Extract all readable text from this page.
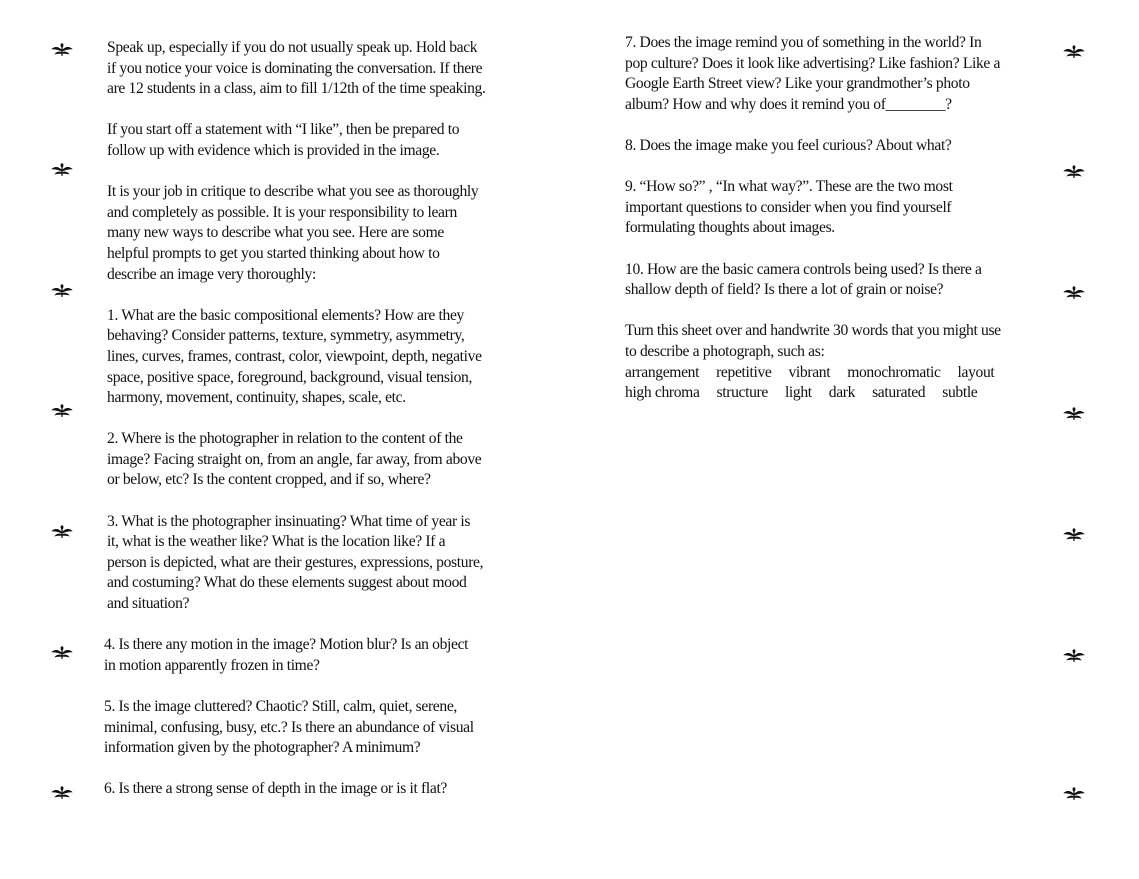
Speak up, especially if you do not usually speak up. Hold back

if you notice your voice is dominating the conversation. If there

are 12 students in a class, aim to fill 1/12th of the time speaking.

If you start off a statement with “I like”, then be prepared to

follow up with evidence which is provided in the image.

It is your job in critique to describe what you see as thoroughly

and completely as possible. It is your responsibility to learn

many new ways to describe what you see. Here are some

helpful prompts to get you started thinking about how to

describe an image very thoroughly:

1. What are the basic compositional elements? How are they

behaving? Consider patterns, texture, symmetry, asymmetry,

lines, curves, frames, contrast, color, viewpoint, depth, negative

space, positive space, foreground, background, visual tension,

harmony, movement, continuity, shapes, scale, etc.

2. Where is the photographer in relation to the content of the

image? Facing straight on, from an angle, far away, from above

or below, etc? Is the content cropped, and if so, where?

3. What is the photographer insinuating? What time of year is

it, what is the weather like? What is the location like? If a

person is depicted, what are their gestures, expressions, posture,

and costuming? What do these elements suggest about mood

and situation?

4. Is there any motion in the image? Motion blur? Is an object

in motion apparently frozen in time?

5. Is the image cluttered? Chaotic? Still, calm, quiet, serene,

minimal, confusing, busy, etc.? Is there an abundance of visual

information given by the photographer? A minimum?

6. Is there a strong sense of depth in the image or is it flat?

7. Does the image remind you of something in the world? In

pop culture? Does it look like advertising? Like fashion? Like a

Google Earth Street view? Like your grandmother’s photo

album? How and why does it remind you of________?

8. Does the image make you feel curious? About what?

9. “How so?” , “In what way?”. These are the two most

important questions to consider when you find yourself

formulating thoughts about images.

10. How are the basic camera controls being used? Is there a

shallow depth of field? Is there a lot of grain or noise?

Turn this sheet over and handwrite 30 words that you might use

to describe a photograph, such as:

arrangement repetitive vibrant monochromatic layout
high chroma structure light dark saturated subtle
